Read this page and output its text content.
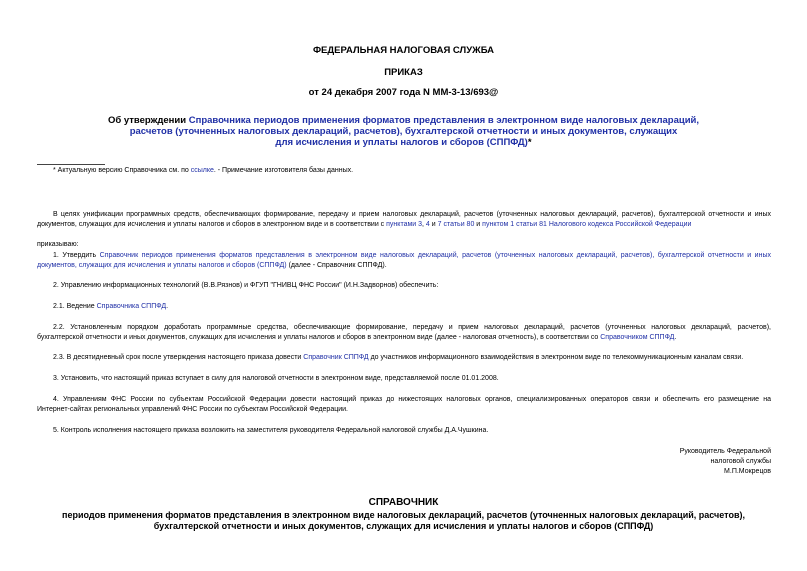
ФЕДЕРАЛЬНАЯ НАЛОГОВАЯ СЛУЖБА
ПРИКАЗ
от 24 декабря 2007 года N ММ-3-13/693@
Об утверждении Справочника периодов применения форматов представления в электронном виде налоговых деклараций,
расчетов (уточненных налоговых деклараций, расчетов), бухгалтерской отчетности и иных документов, служащих
для исчисления и уплаты налогов и сборов (СППФД)*
* Актуальную версию Справочника см. по ссылке. - Примечание изготовителя базы данных.
В целях унификации программных средств, обеспечивающих формирование, передачу и прием налоговых деклараций, расчетов (уточненных налоговых деклараций, расчетов), бухгалтерской отчетности и иных
документов, служащих для исчисления и уплаты налогов и сборов в электронном виде и в соответствии с пунктами 3, 4 и 7 статьи 80 и пунктом 1 статьи 81 Налогового кодекса Российской Федерации
приказываю:
1. Утвердить Справочник периодов применения форматов представления в электронном виде налоговых деклараций, расчетов (уточненных налоговых деклараций, расчетов), бухгалтерской отчетности и иных
документов, служащих для исчисления и уплаты налогов и сборов (СППФД) (далее - Справочник СППФД).
2. Управлению информационных технологий (В.В.Рязнов) и ФГУП "ГНИВЦ ФНС России" (И.Н.Задворнов) обеспечить:
2.1. Ведение Справочника СППФД.
2.2. Установленным порядком доработать программные средства, обеспечивающие формирование, передачу и прием налоговых деклараций, расчетов (уточненных налоговых деклараций, расчетов),
бухгалтерской отчетности и иных документов, служащих для исчисления и уплаты налогов и сборов в электронном виде (далее - налоговая отчетность), в соответствии со Справочником СППФД.
2.3. В десятидневный срок после утверждения настоящего приказа довести Справочник СППФД до участников информационного взаимодействия в электронном виде по телекоммуникационным каналам связи.
3. Установить, что настоящий приказ вступает в силу для налоговой отчетности в электронном виде, представляемой после 01.01.2008.
4. Управлениям ФНС России по субъектам Российской Федерации довести настоящий приказ до нижестоящих налоговых органов, специализированных операторов связи и обеспечить его размещение на
Интернет-сайтах региональных управлений ФНС России по субъектам Российской Федерации.
5. Контроль исполнения настоящего приказа возложить на заместителя руководителя Федеральной налоговой службы Д.А.Чушкина.
Руководитель Федеральной
налоговой службы
М.П.Мокрецов
СПРАВОЧНИК
периодов применения форматов представления в электронном виде налоговых деклараций, расчетов (уточненных налоговых деклараций, расчетов),
бухгалтерской отчетности и иных документов, служащих для исчисления и уплаты налогов и сборов (СППФД)
